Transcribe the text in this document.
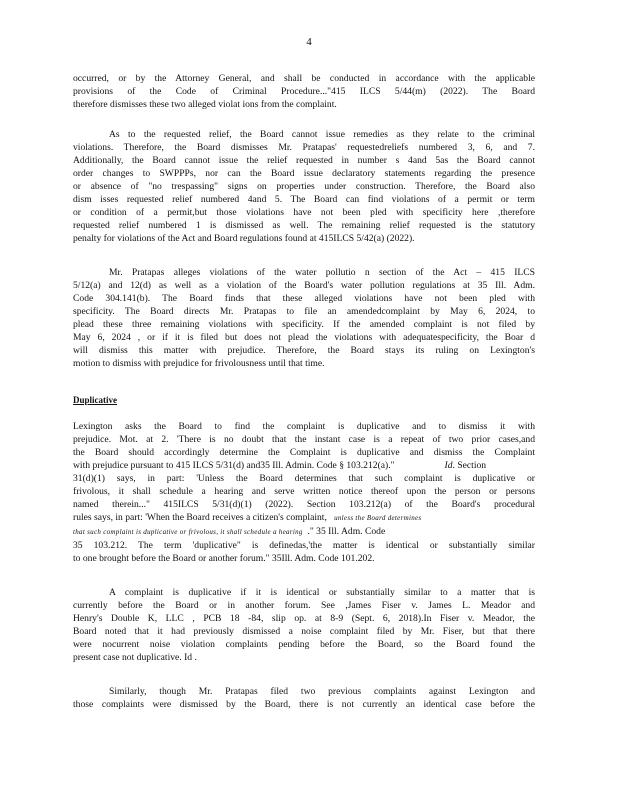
4

occurred, or by the Attorney General, and shall be conducted in accordance with the applicable

provisions of the Code of Criminal Procedure..."415 ILCS 5/44(m) (2022). The Board

therefore dismisses these two alleged violat ions from the complaint.

As to the requested relief, the Board cannot issue remedies as they relate to the criminal

violations. Therefore, the Board dismisses Mr. Pratapas' requestedreliefs numbered 3, 6, and 7.

Additionally, the Board cannot issue the relief requested in number s 4and 5as the Board cannot

order changes to SWPPPs, nor can the Board issue declaratory statements regarding the presence

or absence of "no trespassing" signs on properties under construction. Therefore, the Board also

dism isses requested relief numbered 4and 5. The Board can find violations of a permit or term

or condition of a permit,but those violations have not been pled with specificity here ,therefore

requested relief numbered 1 is dismissed as well. The remaining relief requested is the statutory

penalty for violations of the Act and Board regulations found at 415ILCS 5/42(a) (2022).

Mr. Pratapas alleges violations of the water pollutio n section of the Act – 415 ILCS

5/12(a) and 12(d) as well as a violation of the Board's water pollution regulations at 35 Ill. Adm.

Code 304.141(b). The Board finds that these alleged violations have not been pled with

specificity. The Board directs Mr. Pratapas to file an amendedcomplaint by May 6, 2024, to

plead these three remaining violations with specificity. If the amended complaint is not filed by

May 6, 2024 , or if it is filed but does not plead the violations with adequatespecificity, the Boar d

will dismiss this matter with prejudice. Therefore, the Board stays its ruling on Lexington's

motion to dismiss with prejudice for frivolousness until that time.

Duplicative

Lexington asks the Board to find the complaint is duplicative and to dismiss it with

prejudice. Mot. at 2. 'There is no doubt that the instant case is a repeat of two prior cases,and

the Board should accordingly determine the Complaint is duplicative and dismiss the Complaint

with prejudice pursuant to 415 ILCS 5/31(d) and35 Ill. Admin. Code § 103.212(a)."	Id. Section

31(d)(1) says, in part: 'Unless the Board determines that such complaint is duplicative or

frivolous, it shall schedule a hearing and serve written notice thereof upon the person or persons

named therein..." 415ILCS 5/31(d)(1) (2022). Section 103.212(a) of the Board's procedural

rules says, in part: 'When the Board receives a citizen's complaint, unless the Board determines

that such complaint is duplicative or frivolous, it shall schedule a hearing ." 35 Ill. Adm. Code

35 103.212. The term 'duplicative" is definedas,'the matter is identical or substantially similar

to one brought before the Board or another forum." 35Ill. Adm. Code 101.202.

A complaint is duplicative if it is identical or substantially similar to a matter that is

currently before the Board or in another forum. See ,James Fiser v. James L. Meador and

Henry's Double K, LLC , PCB 18 -84, slip op. at 8-9 (Sept. 6, 2018).In Fiser v. Meador, the

Board noted that it had previously dismissed a noise complaint filed by Mr. Fiser, but that there

were nocurrent noise violation complaints pending before the Board, so the Board found the

present case not duplicative. Id .

Similarly, though Mr. Pratapas filed two previous complaints against Lexington and

those complaints were dismissed by the Board, there is not currently an identical case before the
